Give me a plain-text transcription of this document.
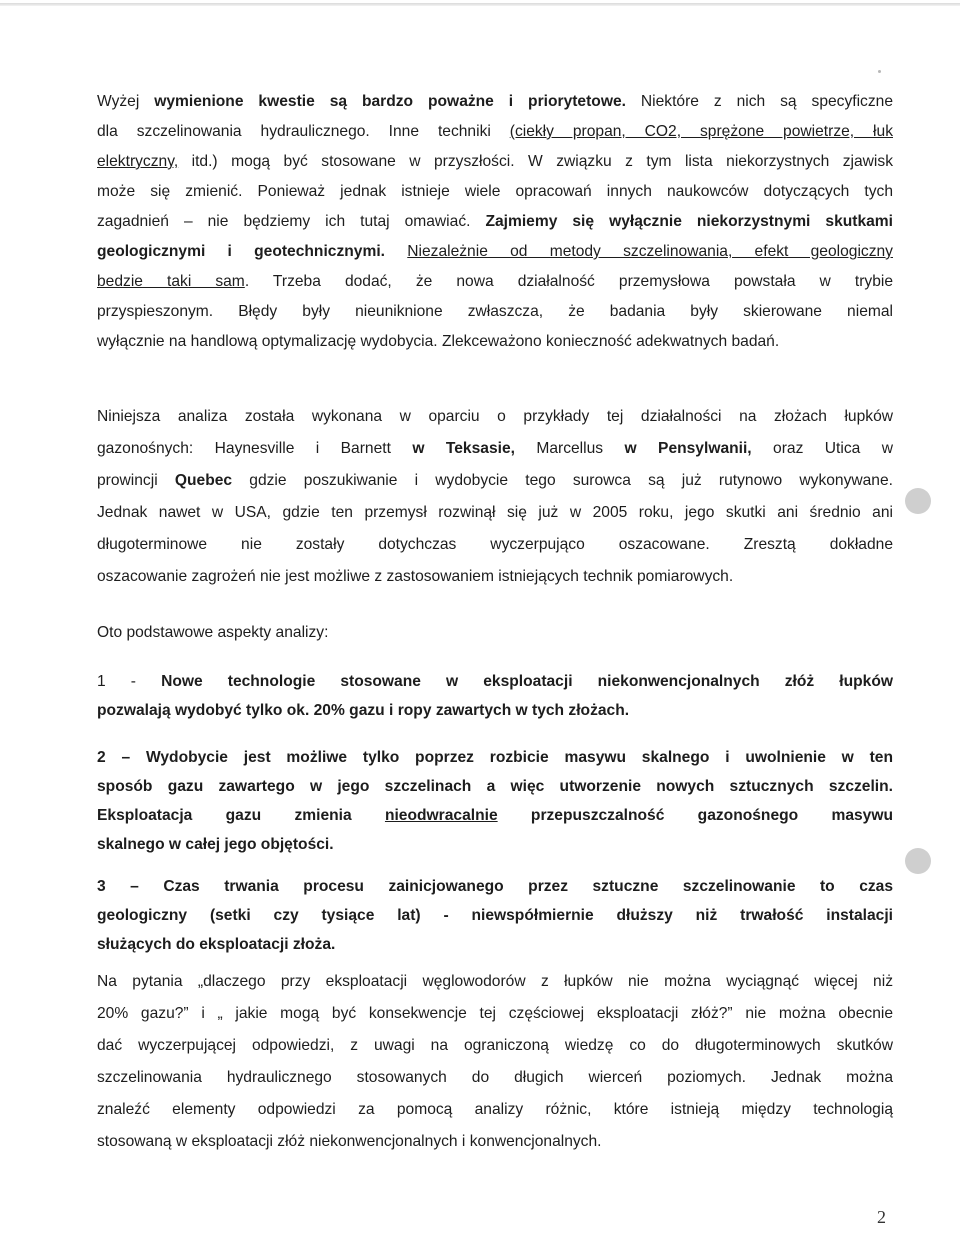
Wyżej wymienione kwestie są bardzo poważne i priorytetowe. Niektóre z nich są specyficzne
dla szczelinowania hydraulicznego. Inne techniki (ciekły propan, CO2, sprężone powietrze, łuk
elektryczny, itd.) mogą być stosowane w przyszłości. W związku z tym lista niekorzystnych zjawisk
może się zmienić. Ponieważ jednak istnieje wiele opracowań innych naukowców dotyczących tych
zagadnień – nie będziemy ich tutaj omawiać. Zajmiemy się wyłącznie niekorzystnymi skutkami
geologicznymi i geotechnicznymi. Niezależnie od metody szczelinowania, efekt geologiczny
bedzie taki sam. Trzeba dodać, że nowa działalność przemysłowa powstała w trybie
przyspieszonym. Błędy były nieuniknione zwłaszcza, że badania były skierowane niemal
wyłącznie na handlową optymalizację wydobycia. Zlekceważono konieczność adekwatnych badań.
Niniejsza analiza została wykonana w oparciu o przykłady tej działalności na złożach łupków
gazonośnych: Haynesville i Barnett w Teksasie, Marcellus w Pensylwanii, oraz Utica w
prowincji Quebec gdzie poszukiwanie i wydobycie tego surowca są już rutynowo wykonywane.
Jednak nawet w USA, gdzie ten przemysł rozwinął się już w 2005 roku, jego skutki ani średnio ani
długoterminowe nie zostały dotychczas wyczerpująco oszacowane. Zresztą dokładne
oszacowanie zagrożeń nie jest możliwe z zastosowaniem istniejących technik pomiarowych.
Oto podstawowe aspekty analizy:
1 - Nowe technologie stosowane w eksploatacji niekonwencjonalnych złóż łupków
pozwalają wydobyć tylko ok. 20% gazu i ropy zawartych w tych złożach.
2 – Wydobycie jest możliwe tylko poprzez rozbicie masywu skalnego i uwolnienie w ten
sposób gazu zawartego w jego szczelinach a więc utworzenie nowych sztucznych szczelin.
Eksploatacja gazu zmienia nieodwracalnie przepuszczalność gazonośnego masywu
skalnego w całej jego objętości.
3 – Czas trwania procesu zainicjowanego przez sztuczne szczelinowanie to czas
geologiczny (setki czy tysiące lat) - niewspółmiernie dłuższy niż trwałość instalacji
służących do eksploatacji złoża.
Na pytania „dlaczego przy eksploatacji węglowodorów z łupków nie można wyciągnąć więcej niż
20% gazu?” i „ jakie mogą być konsekwencje tej częściowej eksploatacji złóż?” nie można obecnie
dać wyczerpującej odpowiedzi, z uwagi na ograniczoną wiedzę co do długoterminowych skutków
szczelinowania hydraulicznego stosowanych do długich wierceń poziomych. Jednak można
znaleźć elementy odpowiedzi za pomocą analizy różnic, które istnieją między technologią
stosowaną w eksploatacji złóż niekonwencjonalnych i konwencjonalnych.
2
